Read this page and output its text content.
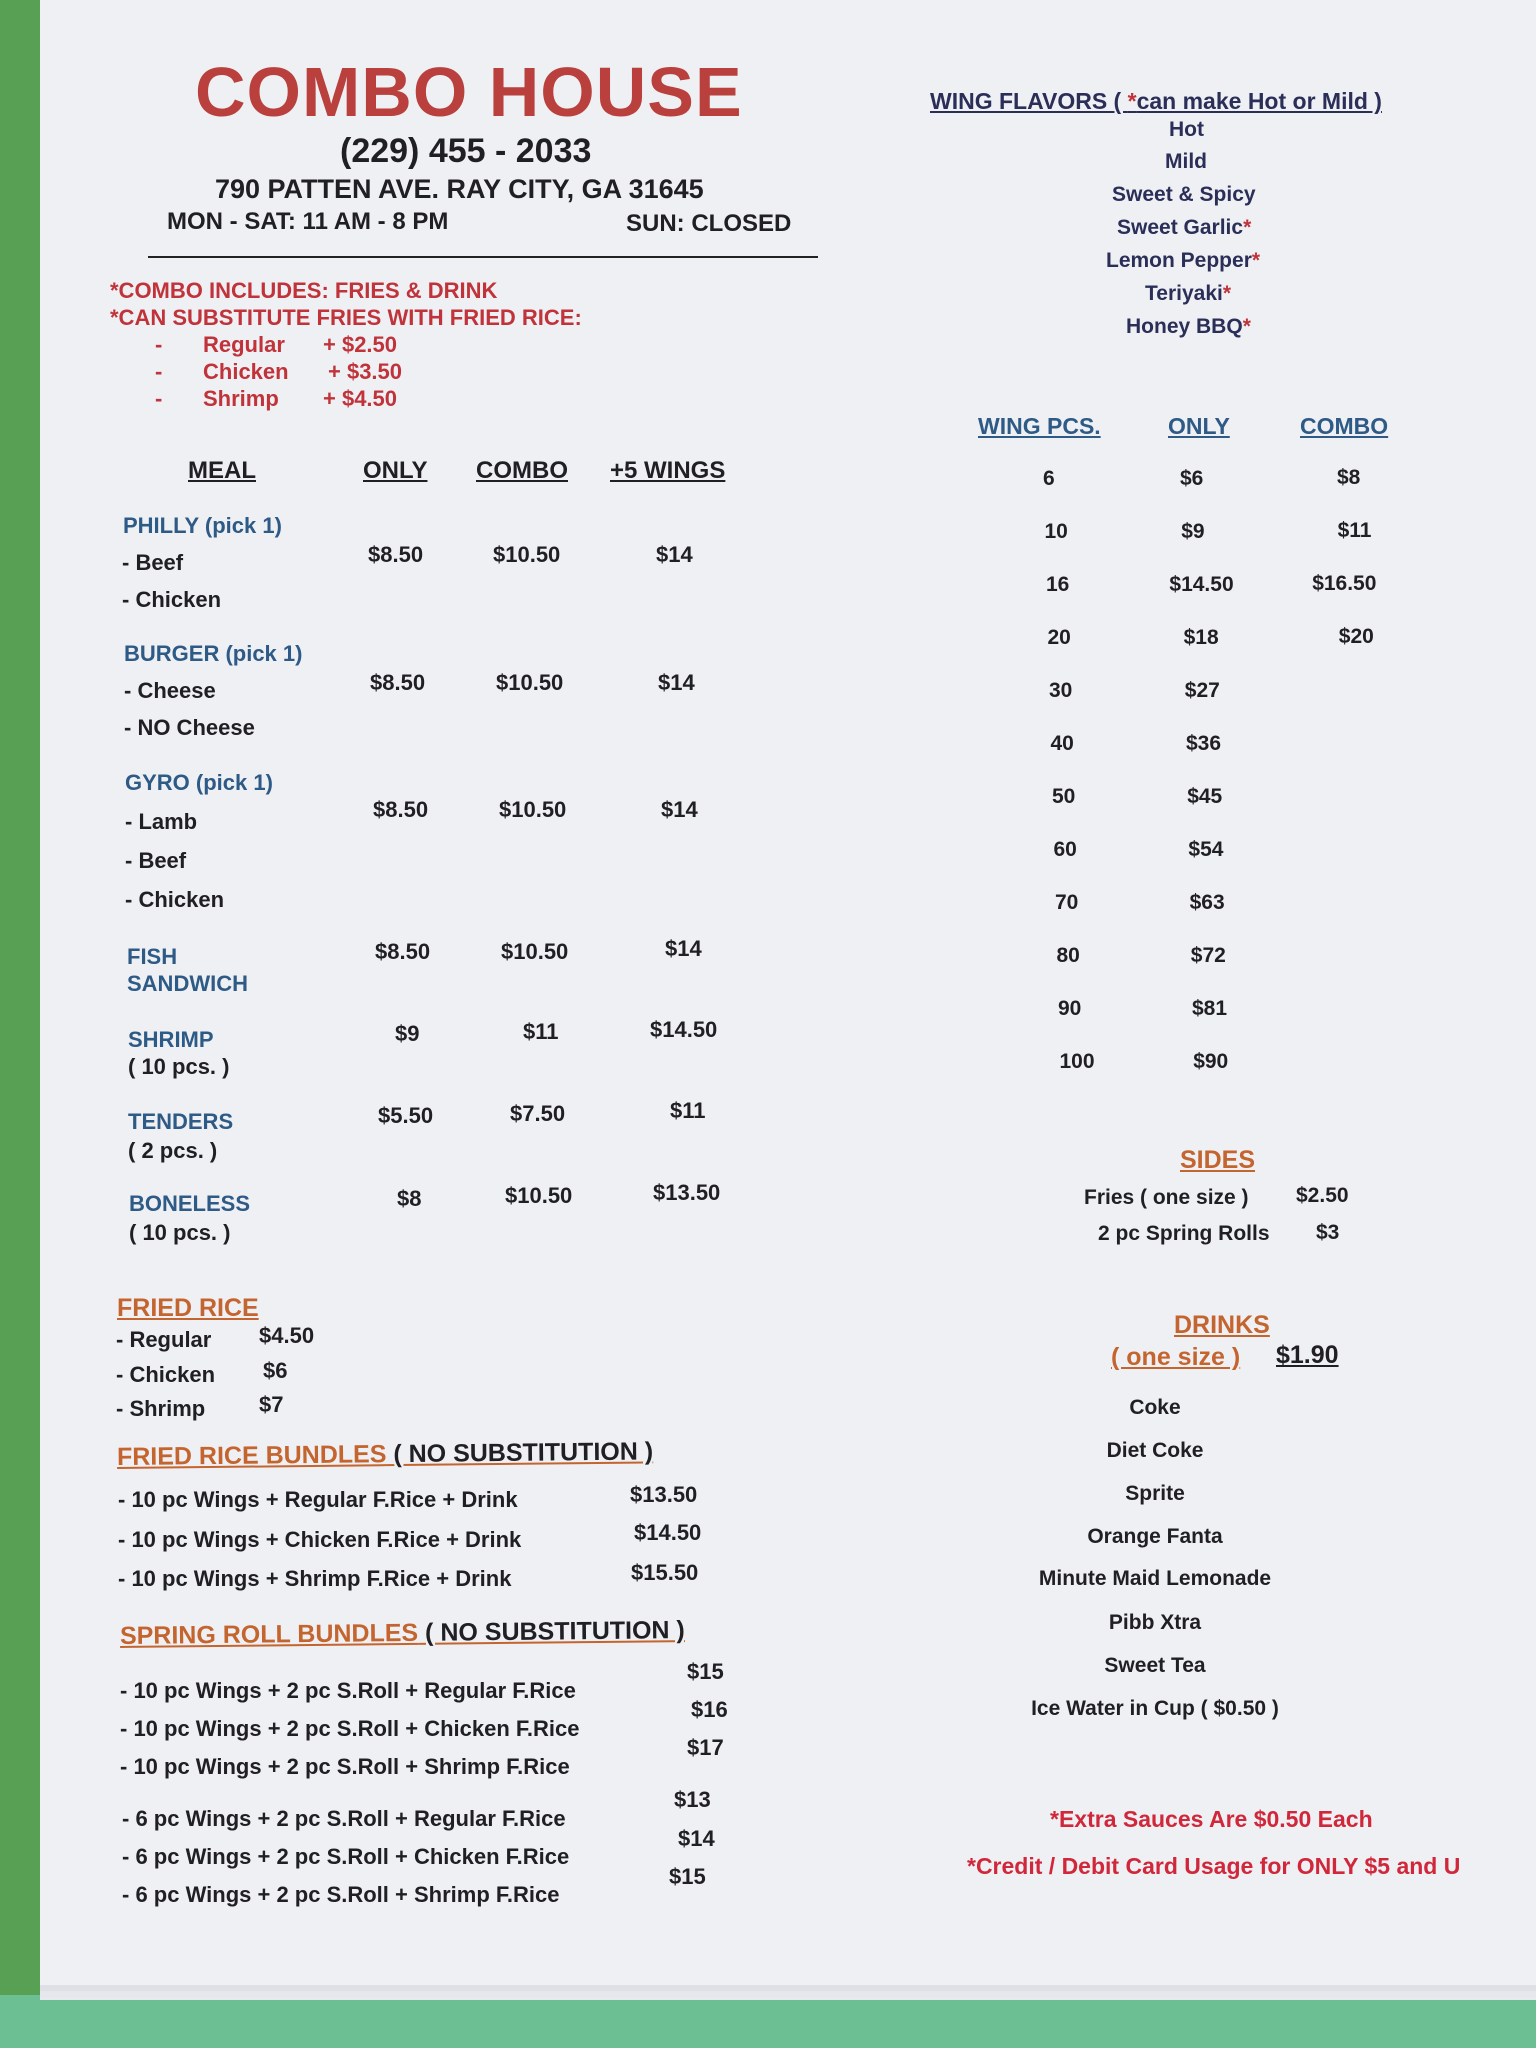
COMBO HOUSE
(229) 455 - 2033
790 PATTEN AVE. RAY CITY, GA 31645
MON - SAT: 11 AM - 8 PM	SUN: CLOSED
*COMBO INCLUDES: FRIES & DRINK
*CAN SUBSTITUTE FRIES WITH FRIED RICE:
- Regular + $2.50
- Chicken + $3.50
- Shrimp + $4.50
MEAL	ONLY COMBO +5 WINGS
PHILLY (pick 1)
- Beef
- Chicken
$8.50	$10.50	$14
BURGER (pick 1)
- Cheese
- NO Cheese
$8.50	$10.50	$14
GYRO (pick 1)
- Lamb
- Beef
- Chicken
$8.50	$10.50	$14
FISH
SANDWICH
$8.50	$10.50	$14
SHRIMP
( 10 pcs. )
$9	$11	$14.50
TENDERS
( 2 pcs. )
$5.50	$7.50	$11
BONELESS
( 10 pcs. )
$8	$10.50	$13.50
FRIED RICE
- Regular $4.50
- Chicken $6
- Shrimp $7
FRIED RICE BUNDLES ( NO SUBSTITUTION )
- 10 pc Wings + Regular F.Rice + Drink	$13.50
- 10 pc Wings + Chicken F.Rice + Drink	$14.50
- 10 pc Wings + Shrimp F.Rice + Drink	$15.50
SPRING ROLL BUNDLES ( NO SUBSTITUTION )
- 10 pc Wings + 2 pc S.Roll + Regular F.Rice
$15
- 10 pc Wings + 2 pc S.Roll + Chicken F.Rice
$16
- 10 pc Wings + 2 pc S.Roll + Shrimp F.Rice
$17
- 6 pc Wings + 2 pc S.Roll + Regular F.Rice
$13
- 6 pc Wings + 2 pc S.Roll + Chicken F.Rice
$14
- 6 pc Wings + 2 pc S.Roll + Shrimp F.Rice
$15
WING FLAVORS ( *can make Hot or Mild )
Hot
Mild
Sweet & Spicy
Sweet Garlic*
Lemon Pepper*
Teriyaki*
Honey BBQ*
WING PCS.	ONLY	COMBO
6	$6	$8
10	$9	$11
16	$14.50	$16.50
20	$18	$20
30	$27
40	$36
50	$45
60	$54
70	$63
80	$72
90	$81
100	$90
SIDES
Fries ( one size ) $2.50
2 pc Spring Rolls $3
DRINKS
( one size ) $1.90
Coke
Diet Coke
Sprite
Orange Fanta
Minute Maid Lemonade
Pibb Xtra
Sweet Tea
Ice Water in Cup ( $0.50 )
*Extra Sauces Are $0.50 Each
*Credit / Debit Card Usage for ONLY $5 and U
